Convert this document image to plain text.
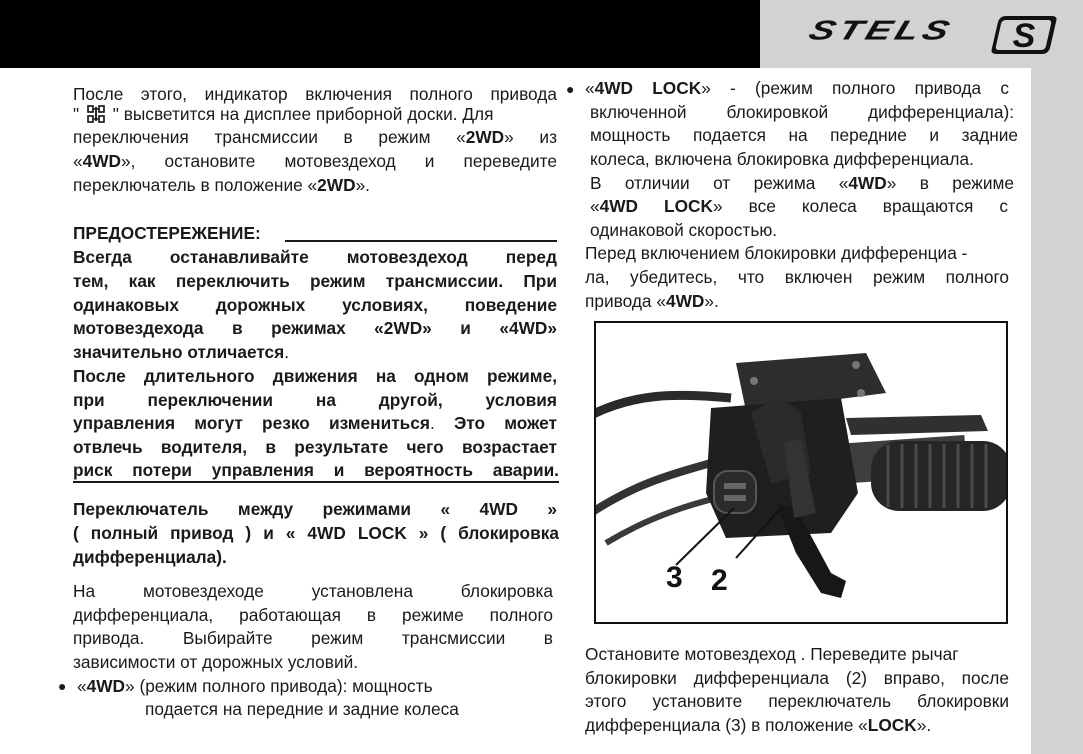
STELS	S
После этого, индикатор включения полного привода
" " высветится на дисплее приборной доски. Для
переключения трансмиссии в режим «2WD» из
«4WD», остановите мотовездеход и переведите
переключатель в положение «2WD».
ПРЕДОСТЕРЕЖЕНИЕ:
Всегда останавливайте мотовездеход перед
тем, как переключить режим трансмиссии. При
одинаковых дорожных условиях, поведение
мотовездехода в режимах «2WD» и «4WD»
значительно отличается.
После длительного движения на одном режиме,
при переключении на другой, условия
управления могут резко измениться. Это может
отвлечь водителя, в результате чего возрастает
риск потери управления и вероятность аварии.
Переключатель между режимами « 4WD »
( полный привод ) и « 4WD LOCK » ( блокировка
дифференциала).
На мотовездеходе установлена блокировка
дифференциала, работающая в режиме полного
привода. Выбирайте режим трансмиссии в
зависимости от дорожных условий.
● «4WD» (режим полного привода): мощность
подается на передние и задние колеса
● «4WD LOCK» - (режим полного привода с
включенной блокировкой дифференциала):
мощность подается на передние и задние
колеса, включена блокировка дифференциала.
В отличии от режима «4WD» в режиме
«4WD LOCK» все колеса вращаются с
одинаковой скоростью.
Перед включением блокировки дифференциа -
ла, убедитесь, что включен режим полного
привода «4WD».
3 2
Остановите мотовездеход . Переведите рычаг
блокировки дифференциала (2) вправо, после
этого установите переключатель блокировки
дифференциала (3) в положение «LOCK».
